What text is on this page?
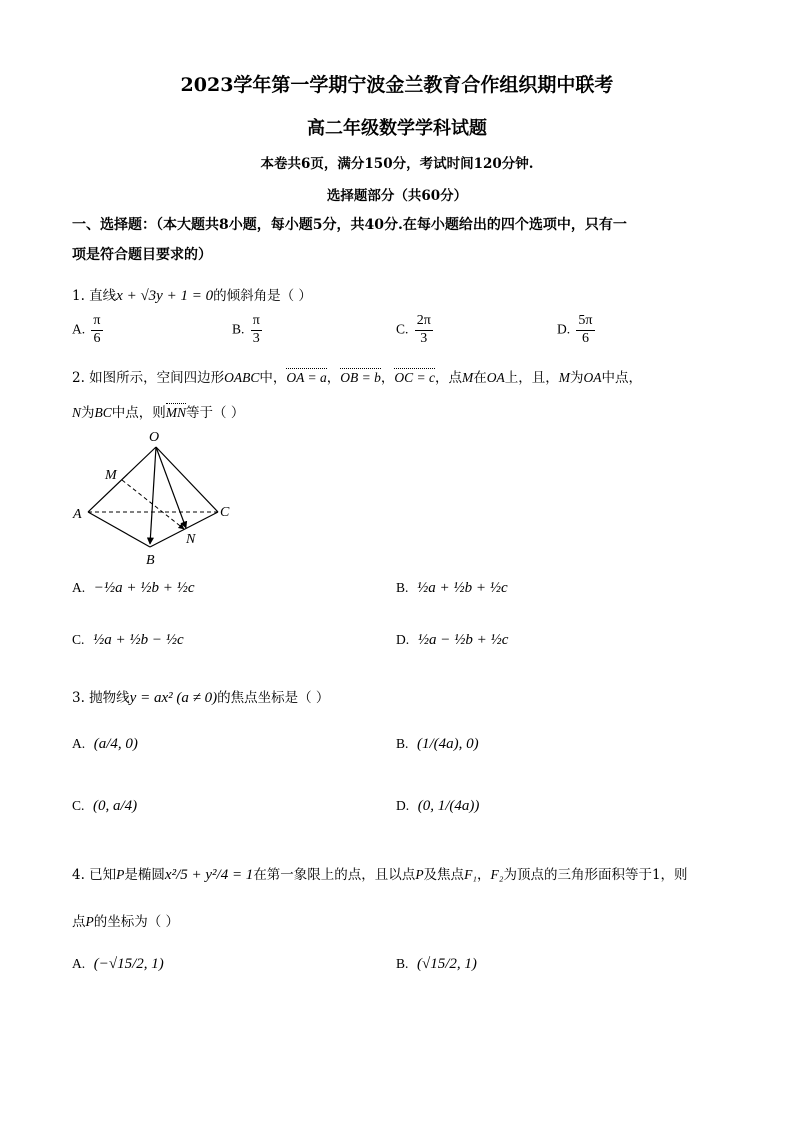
2023学年第一学期宁波金兰教育合作组织期中联考
高二年级数学学科试题
本卷共6页，满分150分，考试时间120分钟.
选择题部分（共60分）
一、选择题：（本大题共8小题，每小题5分，共40分.在每小题给出的四个选项中，只有一
项是符合题目要求的）
1. 直线x + √3y + 1 = 0的倾斜角是（ ）
A. $\frac{\pi}{6}$	B. $\frac{\pi}{3}$	C. $\frac{2\pi}{3}$	D. $\frac{5\pi}{6}$
2. 如图所示，空间四边形OABC中，OA = a，OB = b，OC = c，点M在OA上，且，M为OA中点，
N为BC中点，则MN等于（ ）
O
M
A	C
N
B
A. −½a + ½b + ½c	B. ½a + ½b + ½c
C. ½a + ½b − ½c	D. ½a − ½b + ½c
3. 抛物线y = ax² (a ≠ 0)的焦点坐标是（ ）
A. (a/4, 0)	B. (1/(4a), 0)
C. (0, a/4)	D. (0, 1/(4a))
4. 已知P是椭圆x²/5 + y²/4 = 1在第一象限上的点，且以点P及焦点F₁，F₂为顶点的三角形面积等于1，则
点P的坐标为（ ）
A. (−√15/2, 1)	B. (√15/2, 1)
